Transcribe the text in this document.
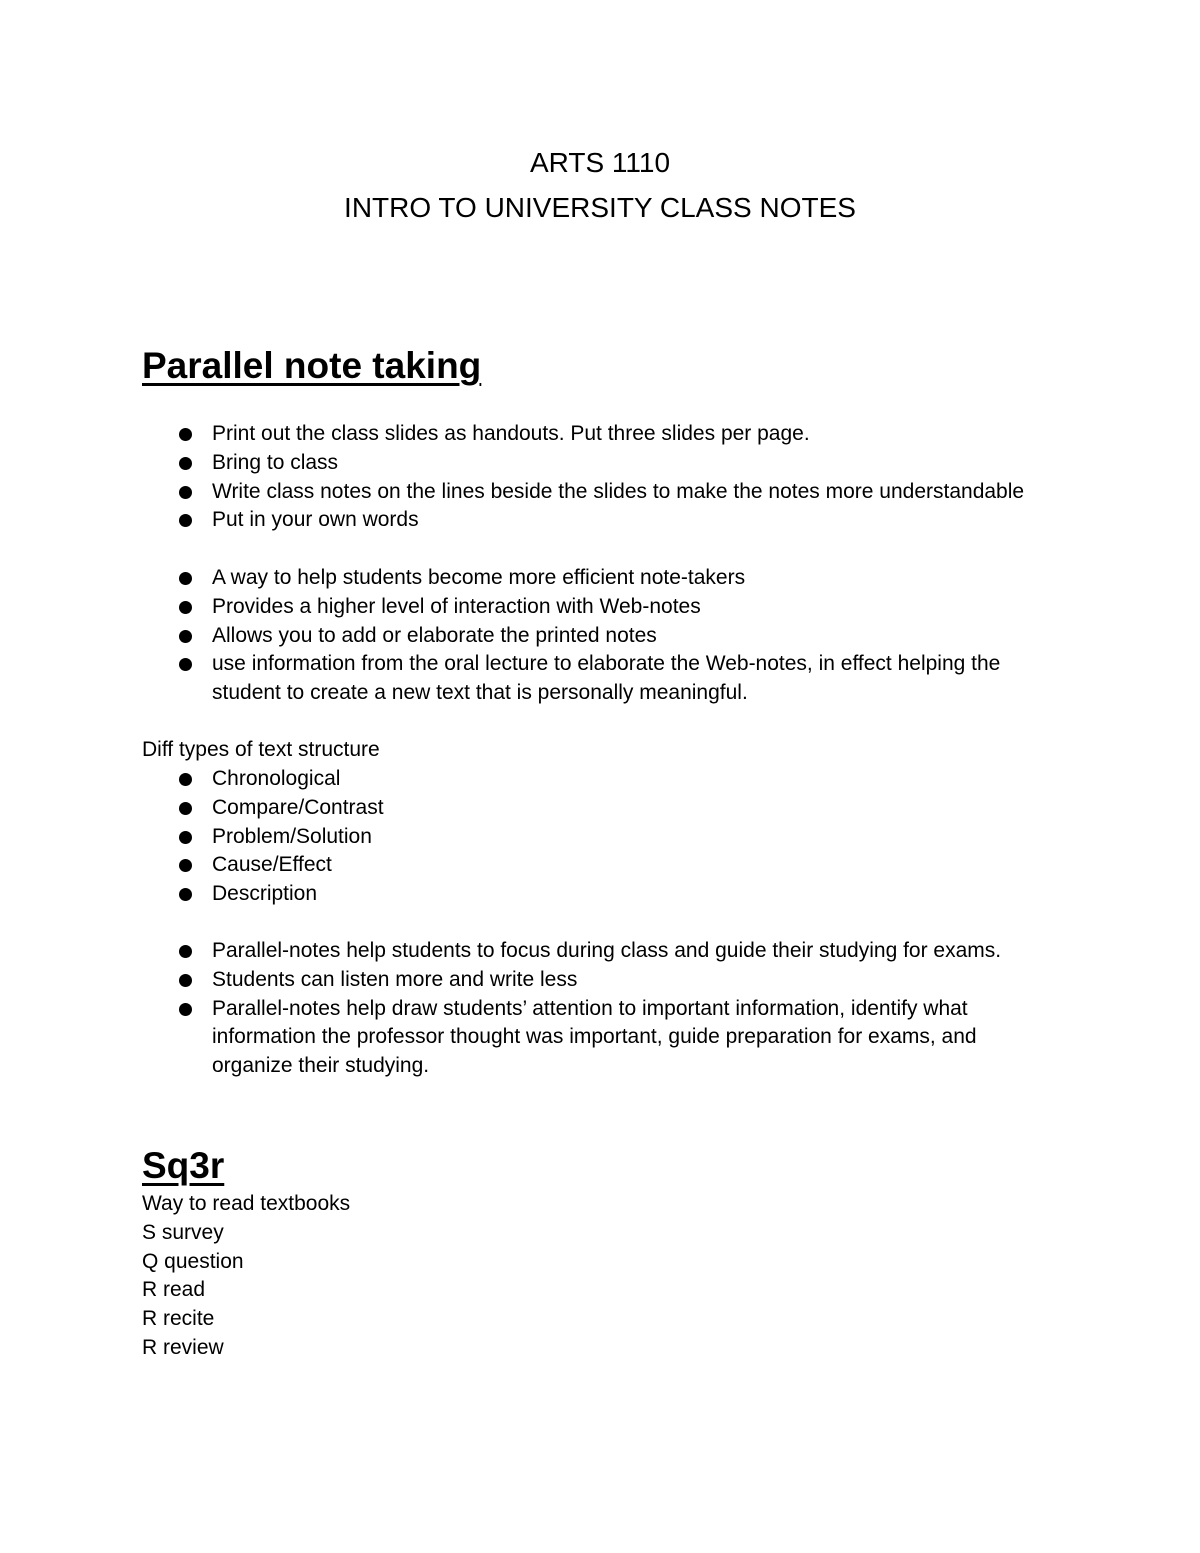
ARTS 1110
INTRO TO UNIVERSITY CLASS NOTES
Parallel note taking
Print out the class slides as handouts. Put three slides per page.
Bring to class
Write class notes on the lines beside the slides to make the notes more understandable
Put in your own words
A way to help students become more efficient note-takers
Provides a higher level of interaction with Web-notes
Allows you to add or elaborate the printed notes
use information from the oral lecture to elaborate the Web-notes, in effect helping the student to create a new text that is personally meaningful.
Diff types of text structure
Chronological
Compare/Contrast
Problem/Solution
Cause/Effect
Description
Parallel-notes help students to focus during class and guide their studying for exams.
Students can listen more and write less
Parallel-notes help draw students’ attention to important information, identify what information the professor thought was important, guide preparation for exams, and organize their studying.
Sq3r
Way to read textbooks
S survey
Q question
R read
R recite
R review
